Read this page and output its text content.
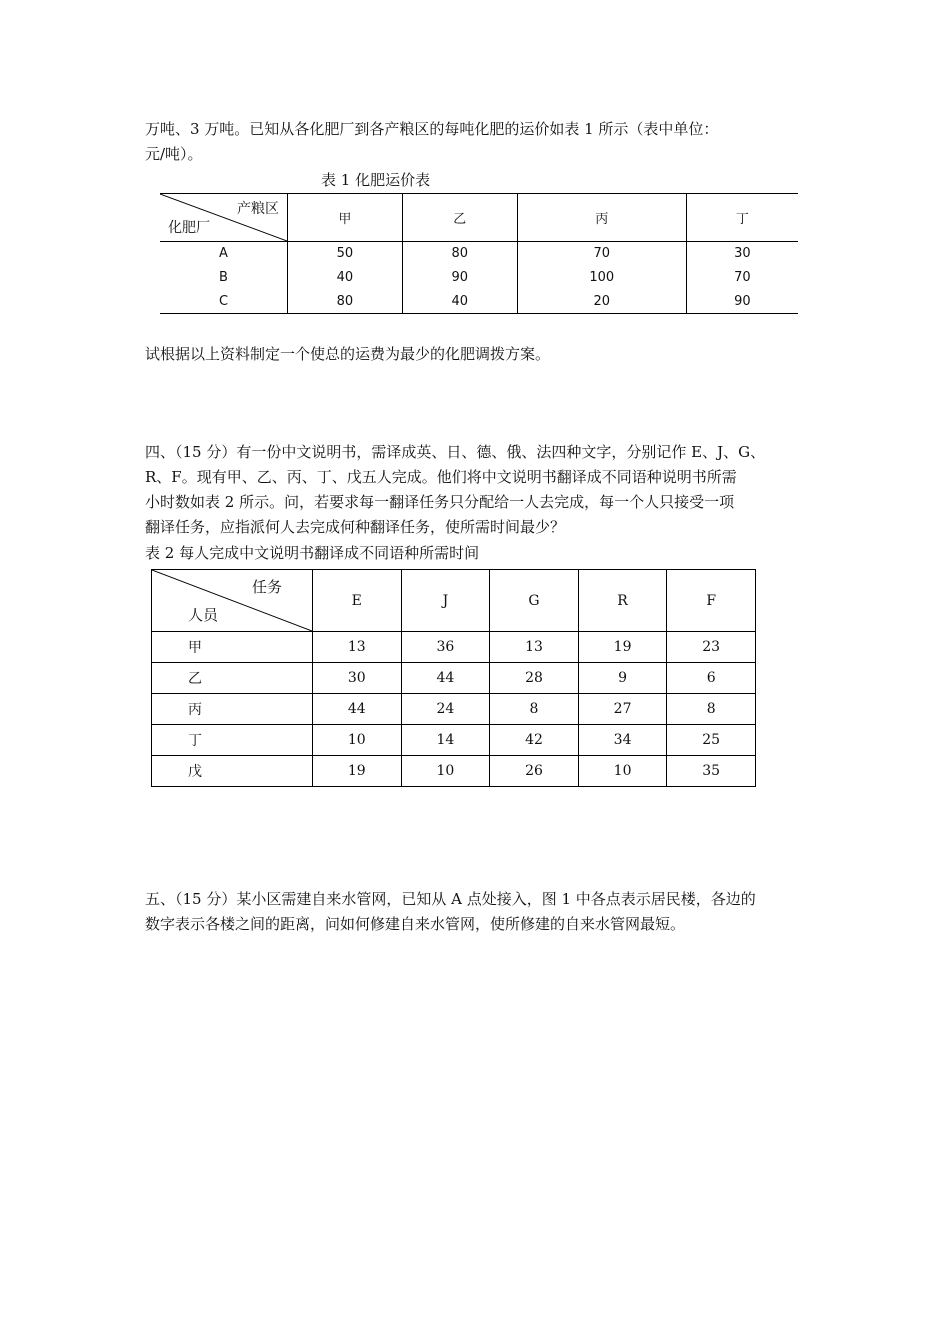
万吨、3 万吨。已知从各化肥厂到各产粮区的每吨化肥的运价如表 1 所示（表中单位：
元/吨）。

表 1 化肥运价表

产粮区
化肥厂	甲	乙	丙	丁
A	50	80	70	30
B	40	90	100	70
C	80	40	20	90

试根据以上资料制定一个使总的运费为最少的化肥调拨方案。

四、（15 分）有一份中文说明书，需译成英、日、德、俄、法四种文字，分别记作 E、J、G、
R、F。现有甲、乙、丙、丁、戊五人完成。他们将中文说明书翻译成不同语种说明书所需
小时数如表 2 所示。问，若要求每一翻译任务只分配给一人去完成，每一个人只接受一项
翻译任务，应指派何人去完成何种翻译任务，使所需时间最少？

表 2 每人完成中文说明书翻译成不同语种所需时间

任务
人员	E	J	G	R	F
甲	13	36	13	19	23
乙	30	44	28	9	6
丙	44	24	8	27	8
丁	10	14	42	34	25
戊	19	10	26	10	35

五、（15 分）某小区需建自来水管网，已知从 A 点处接入，图 1 中各点表示居民楼，各边的
数字表示各楼之间的距离，问如何修建自来水管网，使所修建的自来水管网最短。
